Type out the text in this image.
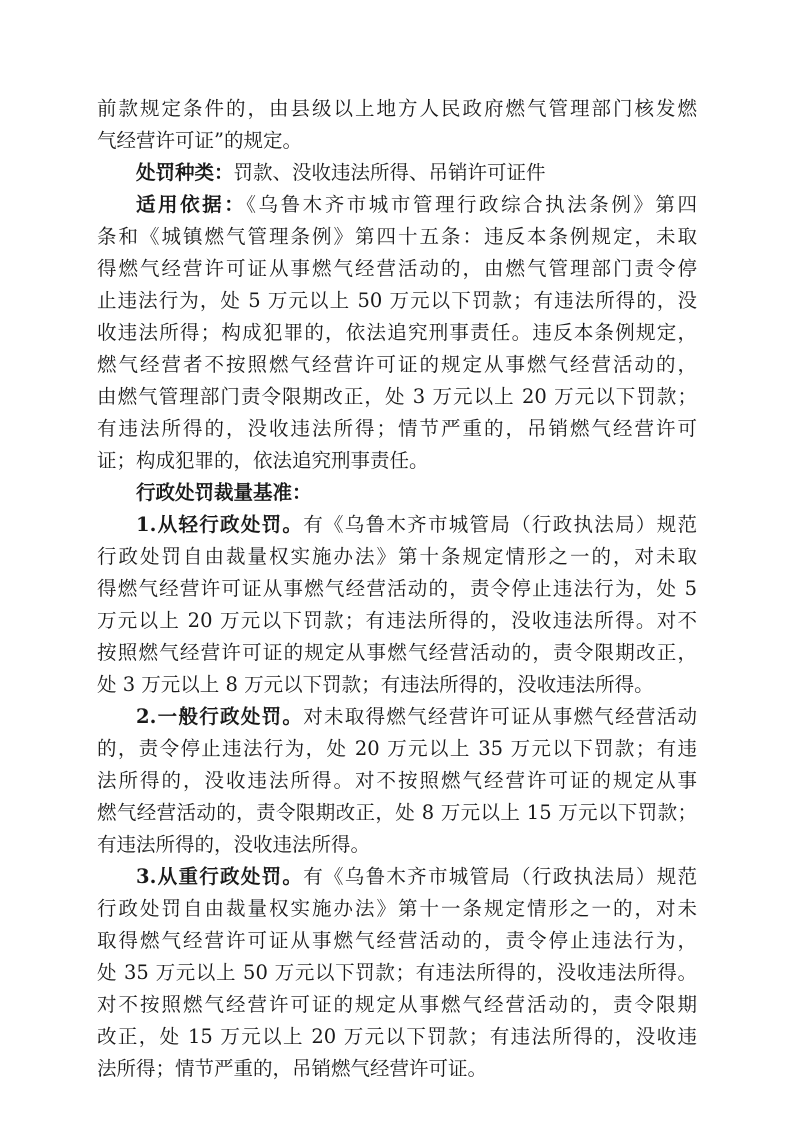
前款规定条件的，由县级以上地方人民政府燃气管理部门核发燃
气经营许可证”的规定。
处罚种类：罚款、没收违法所得、吊销许可证件
适用依据：《乌鲁木齐市城市管理行政综合执法条例》第四
条和《城镇燃气管理条例》第四十五条：违反本条例规定，未取
得燃气经营许可证从事燃气经营活动的，由燃气管理部门责令停
止违法行为，处 5 万元以上 50 万元以下罚款；有违法所得的，没
收违法所得；构成犯罪的，依法追究刑事责任。违反本条例规定，
燃气经营者不按照燃气经营许可证的规定从事燃气经营活动的，
由燃气管理部门责令限期改正，处 3 万元以上 20 万元以下罚款；
有违法所得的，没收违法所得；情节严重的，吊销燃气经营许可
证；构成犯罪的，依法追究刑事责任。
行政处罚裁量基准：
1.从轻行政处罚。有《乌鲁木齐市城管局（行政执法局）规范
行政处罚自由裁量权实施办法》第十条规定情形之一的，对未取
得燃气经营许可证从事燃气经营活动的，责令停止违法行为，处 5
万元以上 20 万元以下罚款；有违法所得的，没收违法所得。对不
按照燃气经营许可证的规定从事燃气经营活动的，责令限期改正，
处 3 万元以上 8 万元以下罚款；有违法所得的，没收违法所得。
2.一般行政处罚。对未取得燃气经营许可证从事燃气经营活动
的，责令停止违法行为，处 20 万元以上 35 万元以下罚款；有违
法所得的，没收违法所得。对不按照燃气经营许可证的规定从事
燃气经营活动的，责令限期改正，处 8 万元以上 15 万元以下罚款；
有违法所得的，没收违法所得。
3.从重行政处罚。有《乌鲁木齐市城管局（行政执法局）规范
行政处罚自由裁量权实施办法》第十一条规定情形之一的，对未
取得燃气经营许可证从事燃气经营活动的，责令停止违法行为，
处 35 万元以上 50 万元以下罚款；有违法所得的，没收违法所得。
对不按照燃气经营许可证的规定从事燃气经营活动的，责令限期
改正，处 15 万元以上 20 万元以下罚款；有违法所得的，没收违
法所得；情节严重的，吊销燃气经营许可证。
